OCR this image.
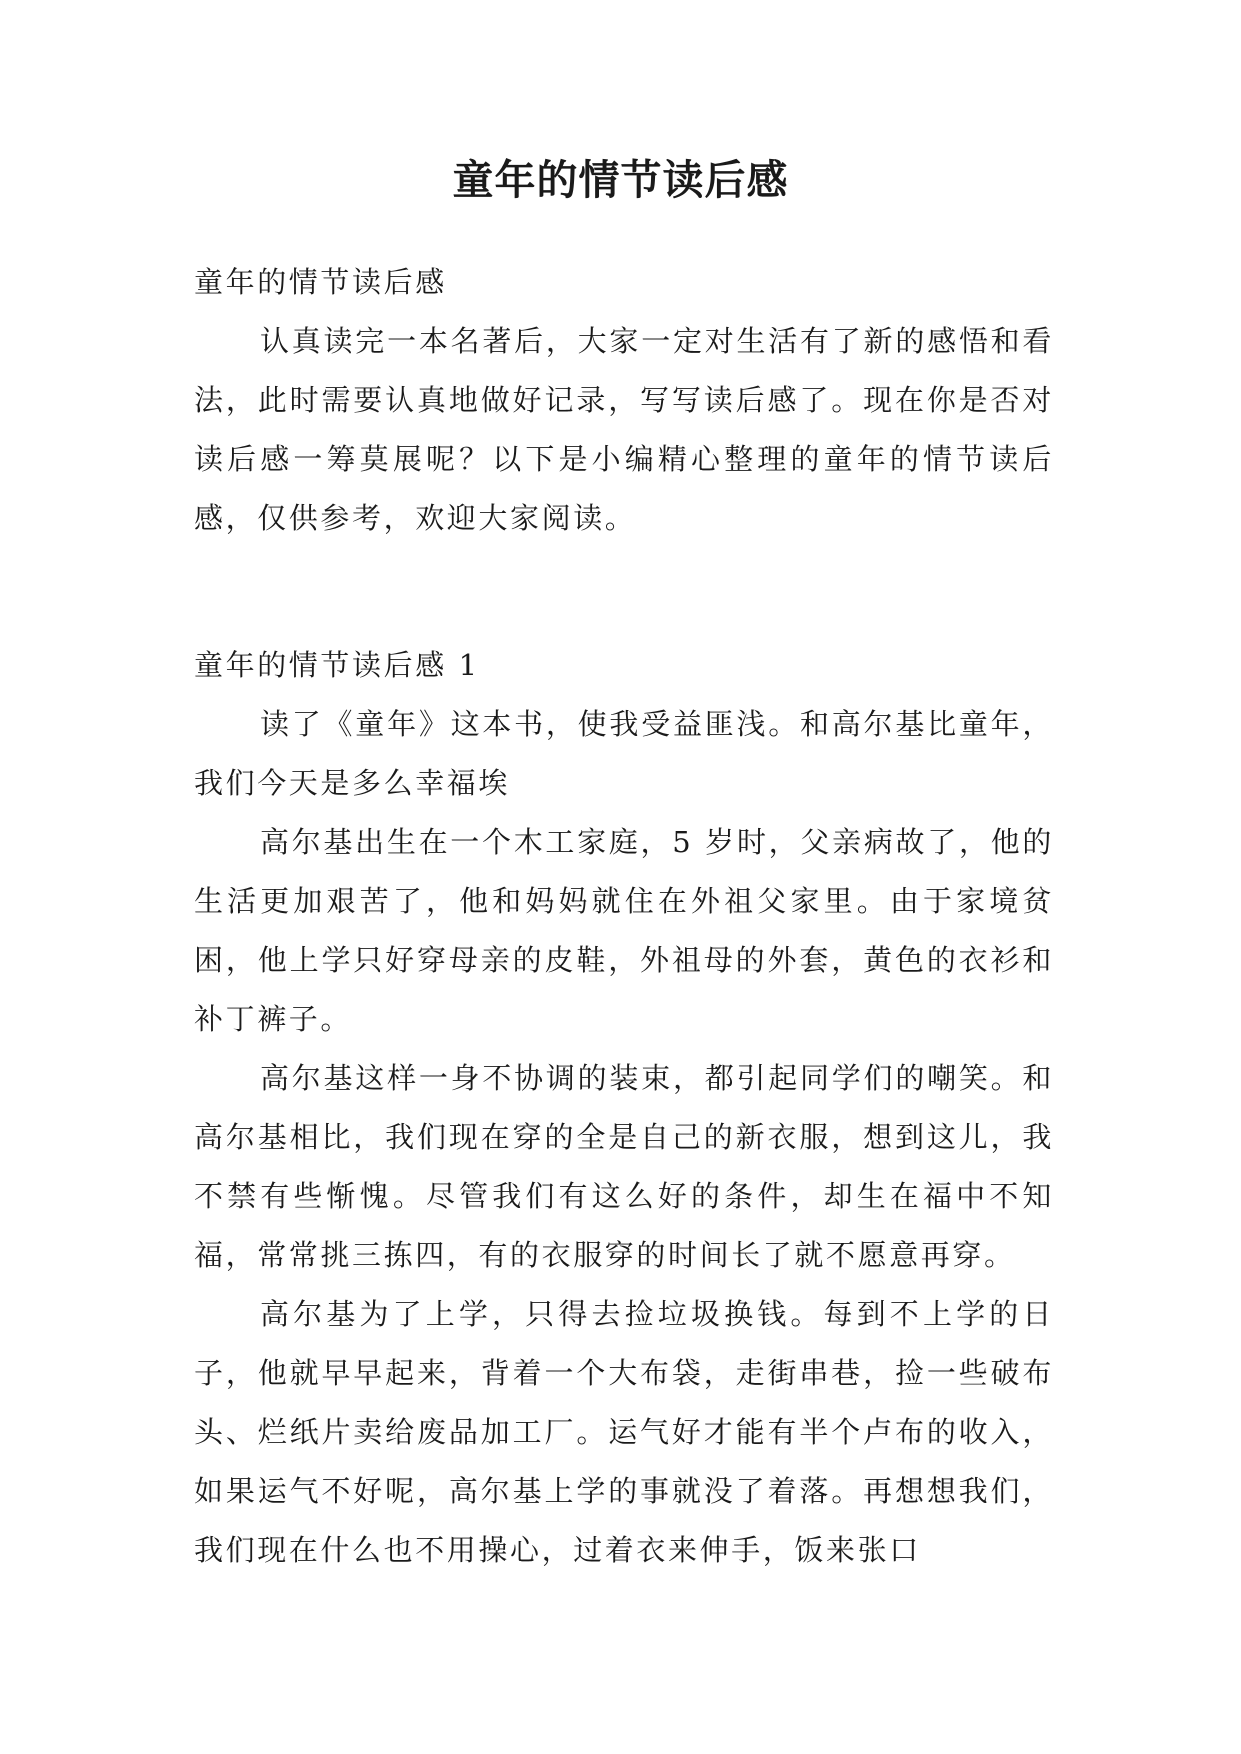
童年的情节读后感

童年的情节读后感

认真读完一本名著后，大家一定对生活有了新的感悟和看法，此时需要认真地做好记录，写写读后感了。现在你是否对读后感一筹莫展呢？以下是小编精心整理的童年的情节读后感，仅供参考，欢迎大家阅读。

童年的情节读后感 1

读了《童年》这本书，使我受益匪浅。和高尔基比童年，我们今天是多么幸福埃

高尔基出生在一个木工家庭，5 岁时，父亲病故了，他的生活更加艰苦了，他和妈妈就住在外祖父家里。由于家境贫困，他上学只好穿母亲的皮鞋，外祖母的外套，黄色的衣衫和补丁裤子。

高尔基这样一身不协调的装束，都引起同学们的嘲笑。和高尔基相比，我们现在穿的全是自己的新衣服，想到这儿，我不禁有些惭愧。尽管我们有这么好的条件，却生在福中不知福，常常挑三拣四，有的衣服穿的时间长了就不愿意再穿。

高尔基为了上学，只得去捡垃圾换钱。每到不上学的日子，他就早早起来，背着一个大布袋，走街串巷，捡一些破布头、烂纸片卖给废品加工厂。运气好才能有半个卢布的收入，如果运气不好呢，高尔基上学的事就没了着落。再想想我们，我们现在什么也不用操心，过着衣来伸手，饭来张口
